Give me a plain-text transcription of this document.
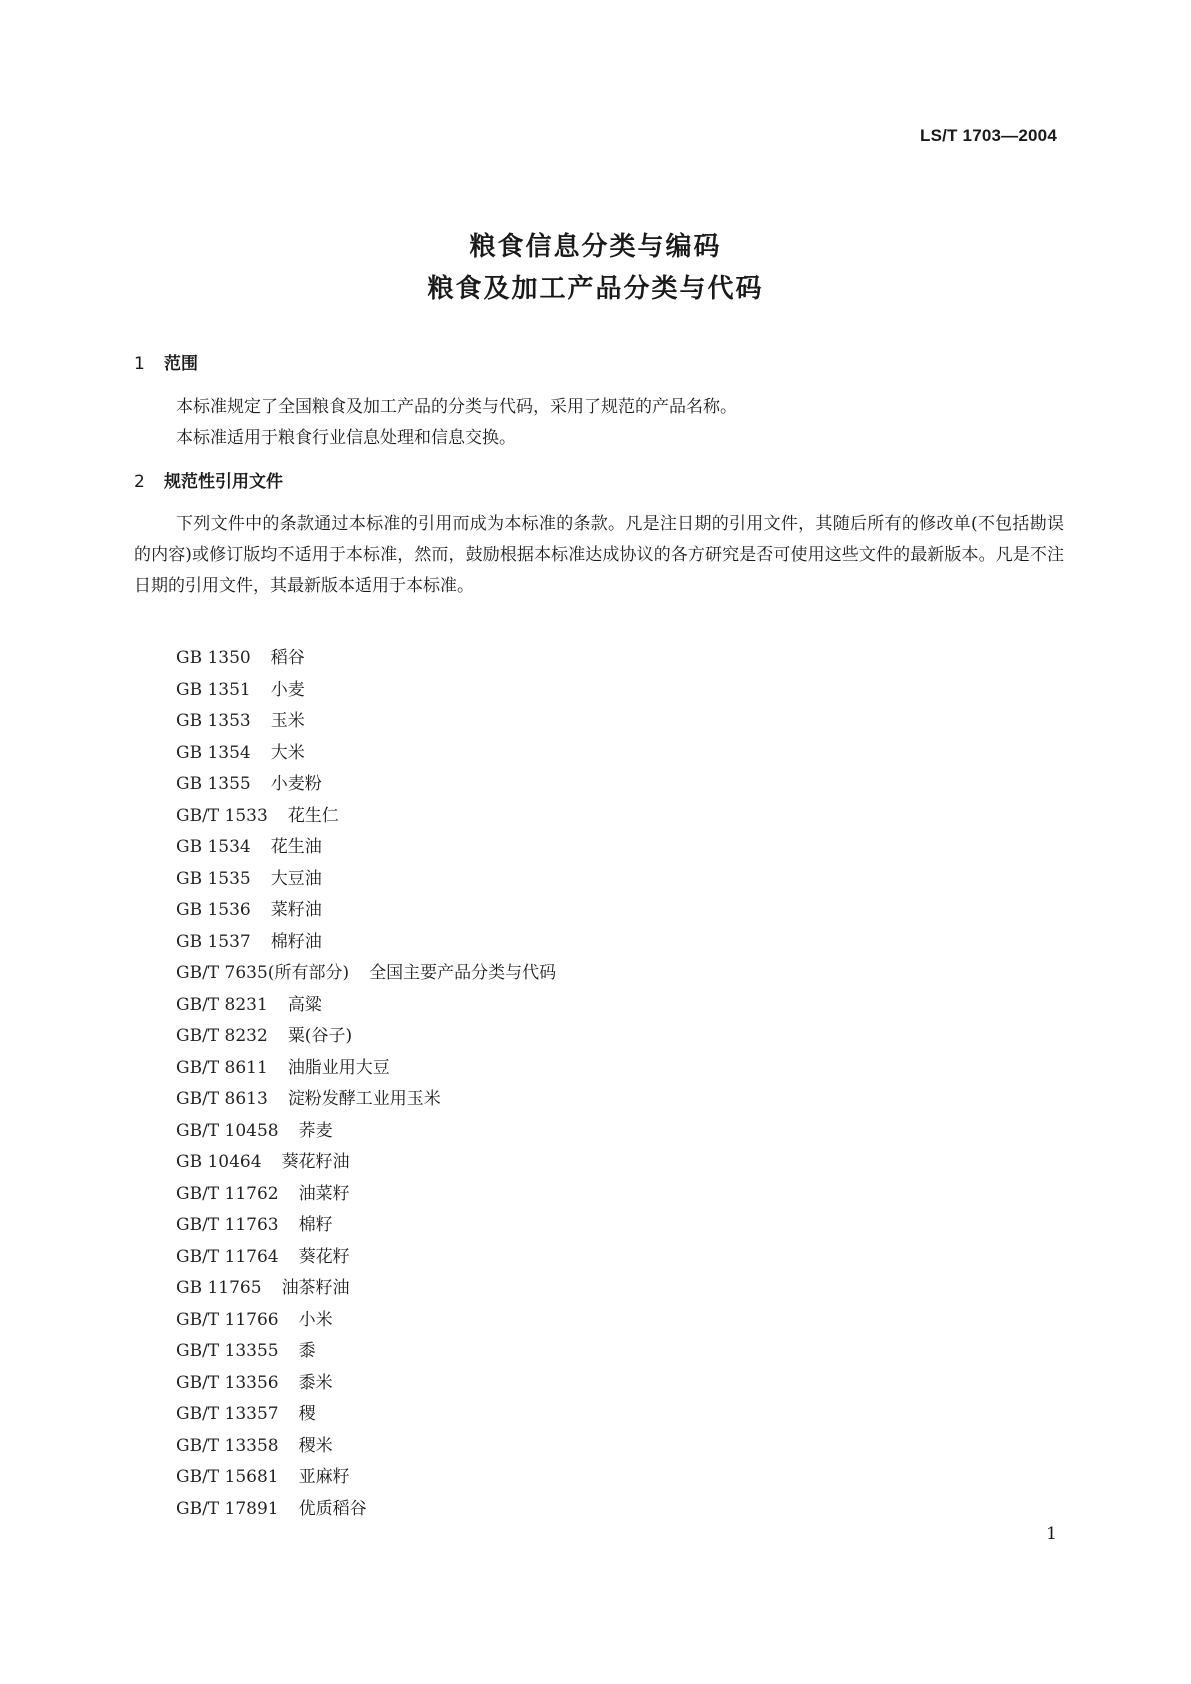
LS/T 1703—2004
粮食信息分类与编码
粮食及加工产品分类与代码
1 范围

本标准规定了全国粮食及加工产品的分类与代码，采用了规范的产品名称。

本标准适用于粮食行业信息处理和信息交换。

2 规范性引用文件

下列文件中的条款通过本标准的引用而成为本标准的条款。凡是注日期的引用文件，其随后所有的修改单(不包括勘误的内容)或修订版均不适用于本标准，然而，鼓励根据本标准达成协议的各方研究是否可使用这些文件的最新版本。凡是不注日期的引用文件，其最新版本适用于本标准。

GB 1350 稻谷
GB 1351 小麦
GB 1353 玉米
GB 1354 大米
GB 1355 小麦粉
GB/T 1533 花生仁
GB 1534 花生油
GB 1535 大豆油
GB 1536 菜籽油
GB 1537 棉籽油
GB/T 7635(所有部分) 全国主要产品分类与代码
GB/T 8231 高粱
GB/T 8232 粟(谷子)
GB/T 8611 油脂业用大豆
GB/T 8613 淀粉发酵工业用玉米
GB/T 10458 荞麦
GB 10464 葵花籽油
GB/T 11762 油菜籽
GB/T 11763 棉籽
GB/T 11764 葵花籽
GB 11765 油茶籽油
GB/T 11766 小米
GB/T 13355 黍
GB/T 13356 黍米
GB/T 13357 稷
GB/T 13358 稷米
GB/T 15681 亚麻籽
GB/T 17891 优质稻谷
1
